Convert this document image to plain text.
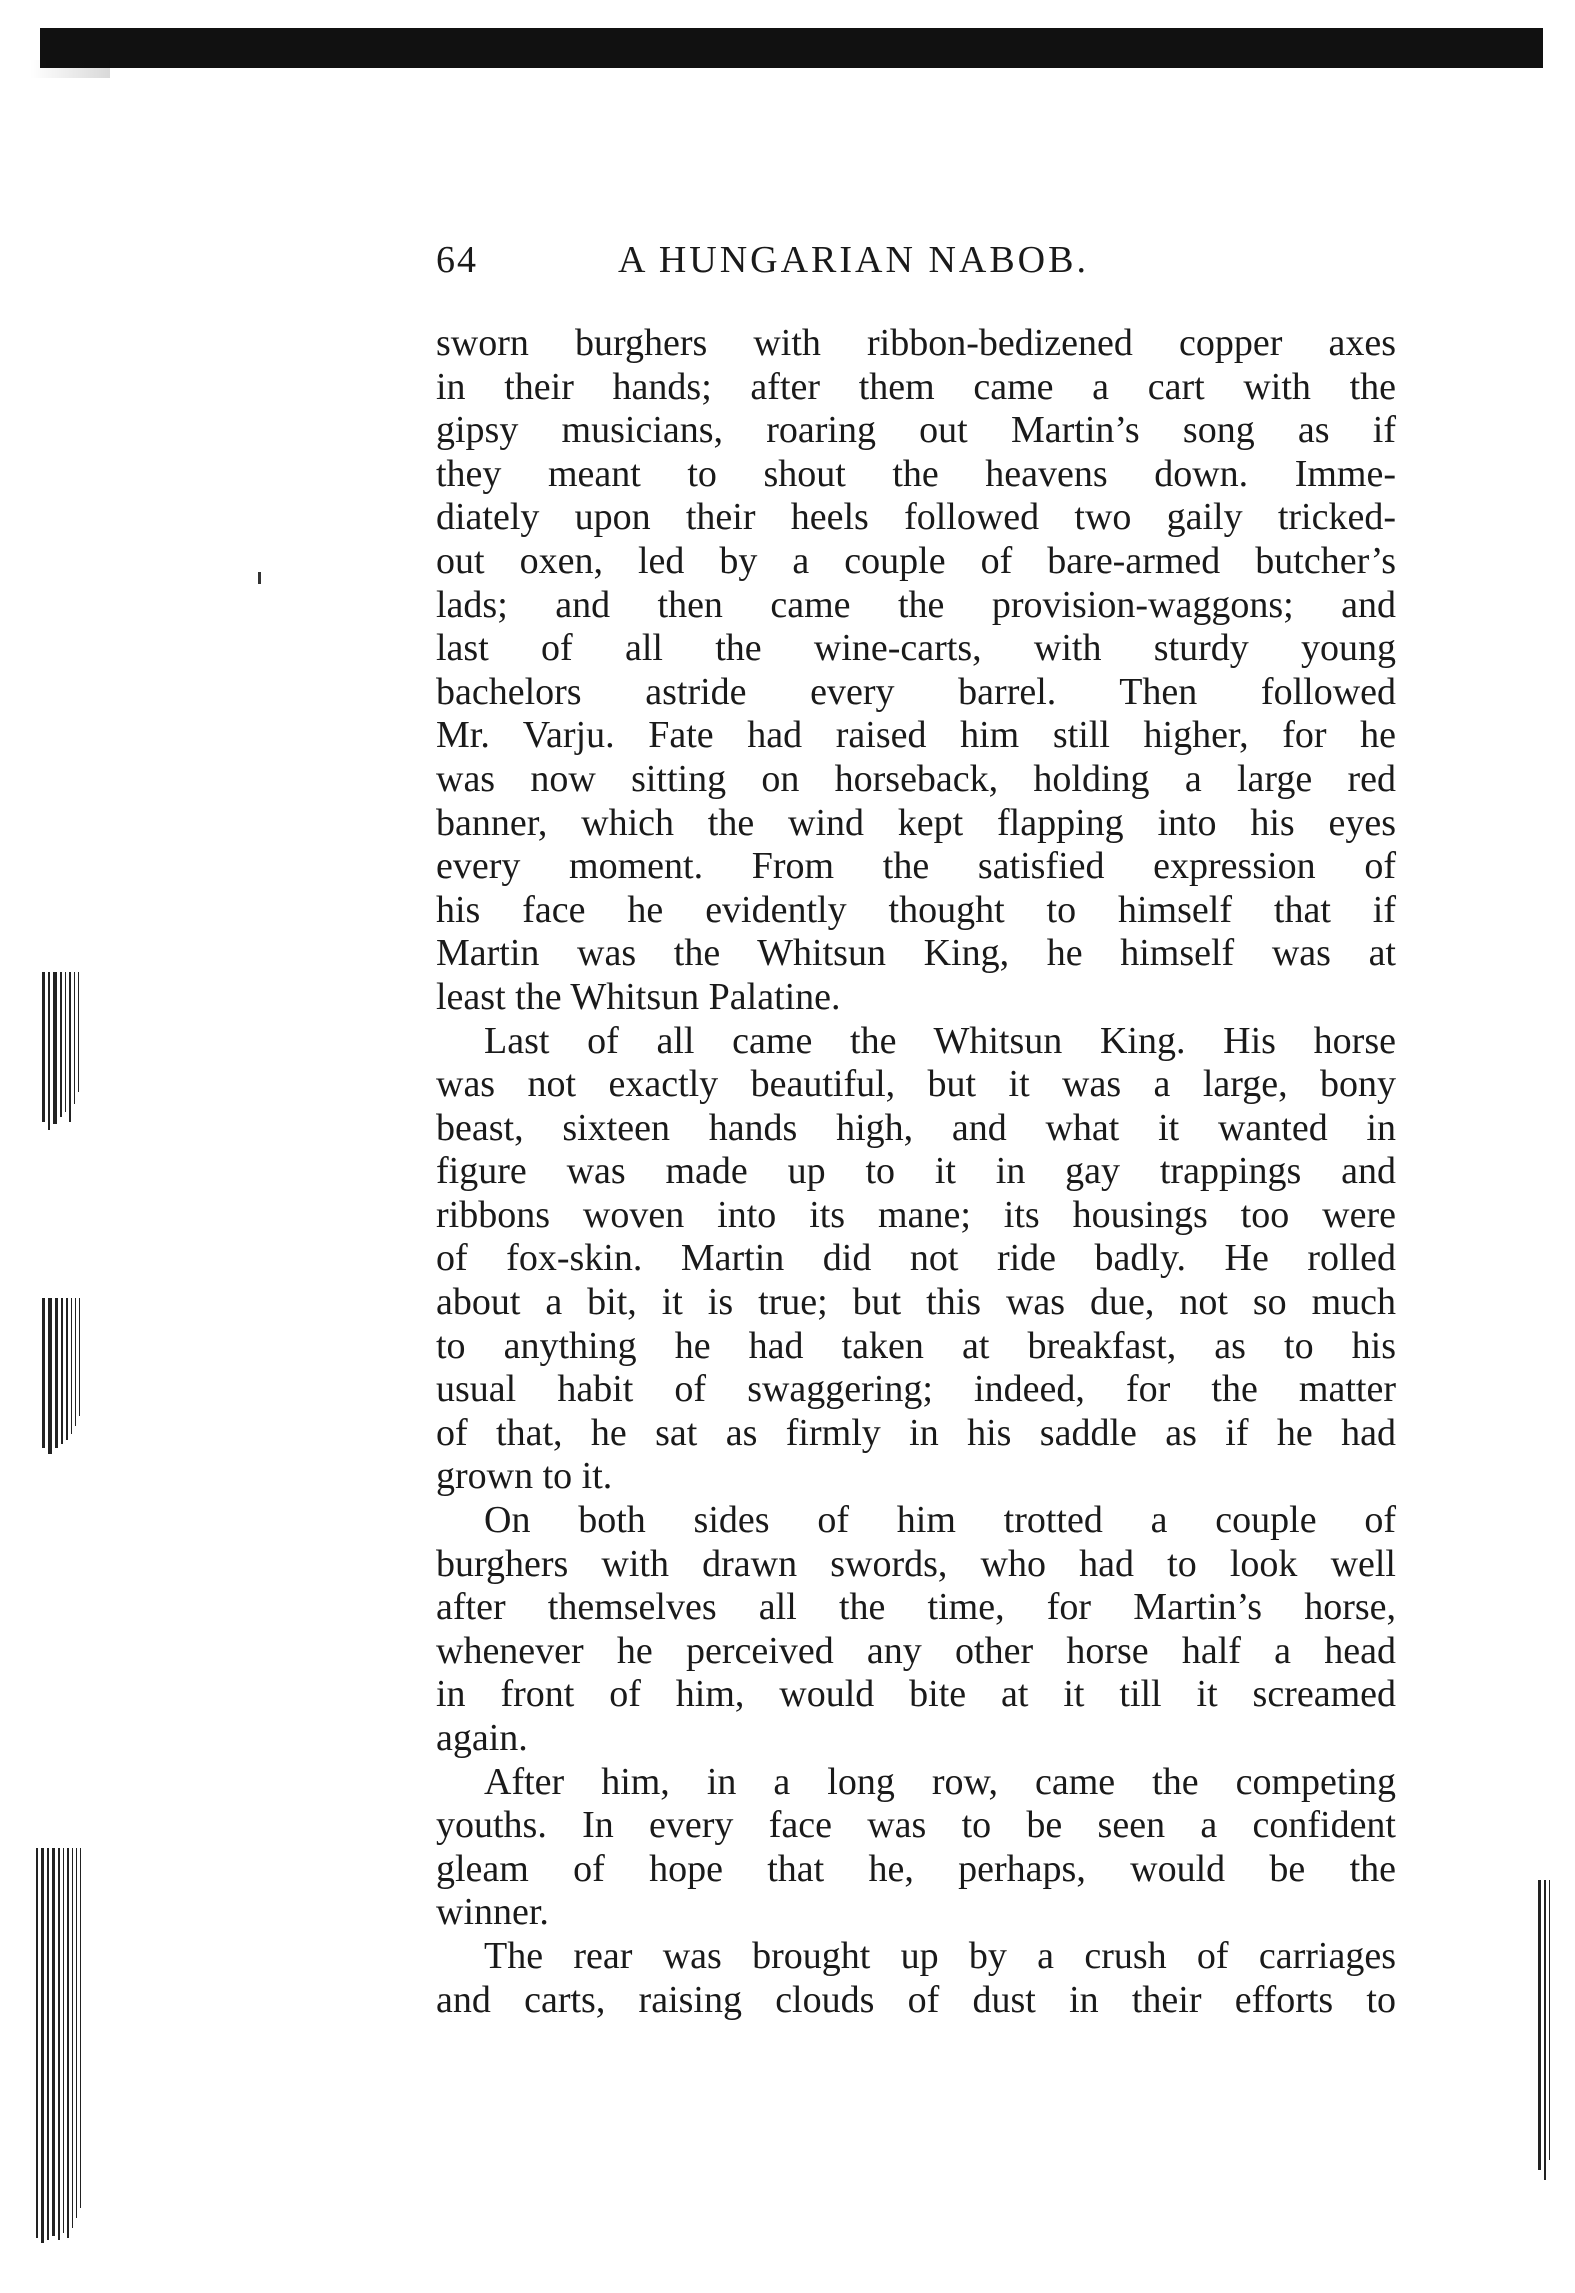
64	A HUNGARIAN NABOB.
sworn burghers with ribbon-bedizened copper axes
in their hands; after them came a cart with the
gipsy musicians, roaring out Martin’s song as if
they meant to shout the heavens down. Imme-
diately upon their heels followed two gaily tricked-
out oxen, led by a couple of bare-armed butcher’s
lads; and then came the provision-waggons; and
last of all the wine-carts, with sturdy young
bachelors astride every barrel. Then followed
Mr. Varju. Fate had raised him still higher, for he
was now sitting on horseback, holding a large red
banner, which the wind kept flapping into his eyes
every moment. From the satisfied expression of
his face he evidently thought to himself that if
Martin was the Whitsun King, he himself was at
least the Whitsun Palatine.
Last of all came the Whitsun King. His horse
was not exactly beautiful, but it was a large, bony
beast, sixteen hands high, and what it wanted in
figure was made up to it in gay trappings and
ribbons woven into its mane; its housings too were
of fox-skin. Martin did not ride badly. He rolled
about a bit, it is true; but this was due, not so much
to anything he had taken at breakfast, as to his
usual habit of swaggering; indeed, for the matter
of that, he sat as firmly in his saddle as if he had
grown to it.
On both sides of him trotted a couple of
burghers with drawn swords, who had to look well
after themselves all the time, for Martin’s horse,
whenever he perceived any other horse half a head
in front of him, would bite at it till it screamed
again.
After him, in a long row, came the competing
youths. In every face was to be seen a confident
gleam of hope that he, perhaps, would be the
winner.
The rear was brought up by a crush of carriages
and carts, raising clouds of dust in their efforts to
